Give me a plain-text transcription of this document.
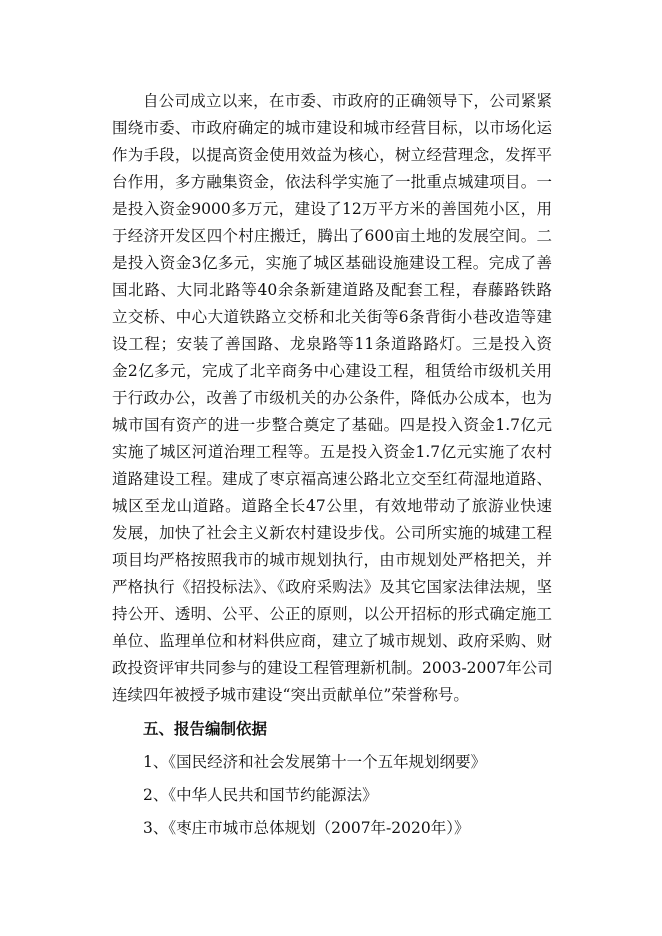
自公司成立以来，在市委、市政府的正确领导下，公司紧紧
围绕市委、市政府确定的城市建设和城市经营目标，以市场化运
作为手段，以提高资金使用效益为核心，树立经营理念，发挥平
台作用，多方融集资金，依法科学实施了一批重点城建项目。一
是投入资金9000多万元，建设了12万平方米的善国苑小区，用
于经济开发区四个村庄搬迁，腾出了600亩土地的发展空间。二
是投入资金3亿多元，实施了城区基础设施建设工程。完成了善
国北路、大同北路等40余条新建道路及配套工程，春藤路铁路
立交桥、中心大道铁路立交桥和北关街等6条背街小巷改造等建
设工程；安装了善国路、龙泉路等11条道路路灯。三是投入资
金2亿多元，完成了北辛商务中心建设工程，租赁给市级机关用
于行政办公，改善了市级机关的办公条件，降低办公成本，也为
城市国有资产的进一步整合奠定了基础。四是投入资金1.7亿元
实施了城区河道治理工程等。五是投入资金1.7亿元实施了农村
道路建设工程。建成了枣京福高速公路北立交至红荷湿地道路、
城区至龙山道路。道路全长47公里，有效地带动了旅游业快速
发展，加快了社会主义新农村建设步伐。公司所实施的城建工程
项目均严格按照我市的城市规划执行，由市规划处严格把关，并
严格执行《招投标法》、《政府采购法》及其它国家法律法规，坚
持公开、透明、公平、公正的原则，以公开招标的形式确定施工
单位、监理单位和材料供应商，建立了城市规划、政府采购、财
政投资评审共同参与的建设工程管理新机制。2003-2007年公司
连续四年被授予城市建设“突出贡献单位”荣誉称号。
五、报告编制依据
1、《国民经济和社会发展第十一个五年规划纲要》
2、《中华人民共和国节约能源法》
3、《枣庄市城市总体规划（2007年-2020年）》
